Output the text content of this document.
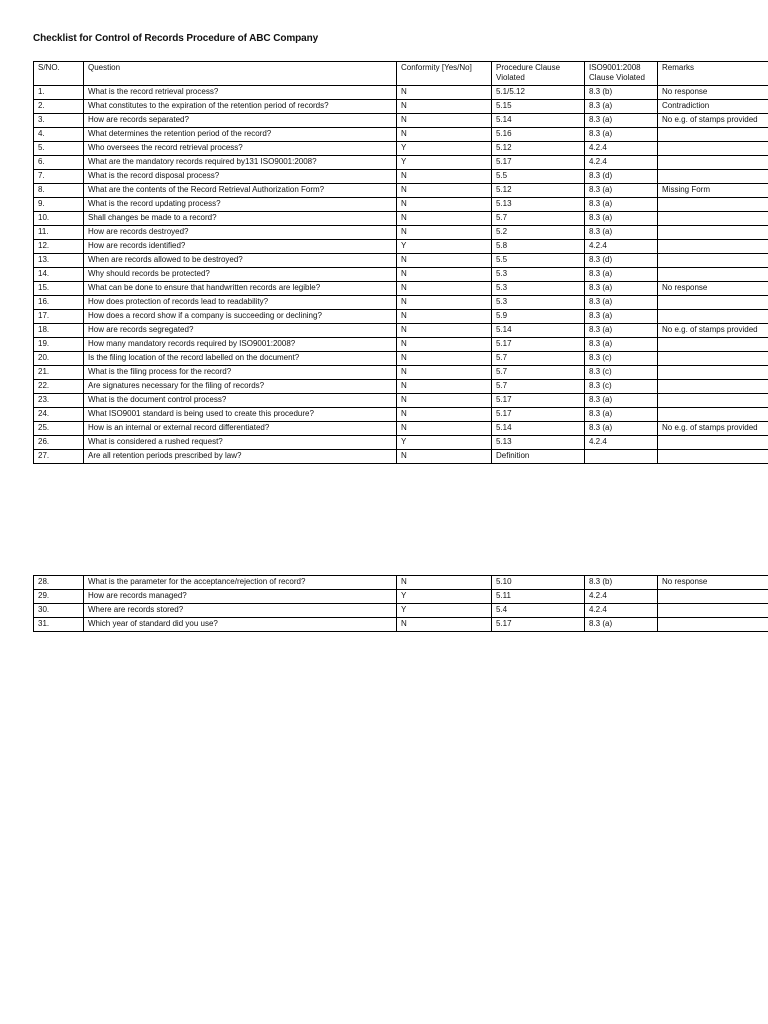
Checklist for Control of Records Procedure of ABC Company
S/NO.	Question	Conformity [Yes/No]	Procedure Clause Violated	ISO9001:2008 Clause Violated	Remarks
1.	What is the record retrieval process?	N	5.1/5.12	8.3 (b)	No response
2.	What constitutes to the expiration of the retention period of records?	N	5.15	8.3 (a)	Contradiction
3.	How are records separated?	N	5.14	8.3 (a)	No e.g. of stamps provided
4.	What determines the retention period of the record?	N	5.16	8.3 (a)	
5.	Who oversees the record retrieval process?	Y	5.12	4.2.4	
6.	What are the mandatory records required by131 ISO9001:2008?	Y	5.17	4.2.4	
7.	What is the record disposal process?	N	5.5	8.3 (d)	
8.	What are the contents of the Record Retrieval Authorization Form?	N	5.12	8.3 (a)	Missing Form
9.	What is the record updating process?	N	5.13	8.3 (a)	
10.	Shall changes be made to a record?	N	5.7	8.3 (a)	
11.	How are records destroyed?	N	5.2	8.3 (a)	
12.	How are records identified?	Y	5.8	4.2.4	
13.	When are records allowed to be destroyed?	N	5.5	8.3 (d)	
14.	Why should records be protected?	N	5.3	8.3 (a)	
15.	What can be done to ensure that handwritten records are legible?	N	5.3	8.3 (a)	No response
16.	How does protection of records lead to readability?	N	5.3	8.3 (a)	
17.	How does a record show if a company is succeeding or declining?	N	5.9	8.3 (a)	
18.	How are records segregated?	N	5.14	8.3 (a)	No e.g. of stamps provided
19.	How many mandatory records required by ISO9001:2008?	N	5.17	8.3 (a)	
20.	Is the filing location of the record labelled on the document?	N	5.7	8.3 (c)	
21.	What is the filing process for the record?	N	5.7	8.3 (c)	
22.	Are signatures necessary for the filing of records?	N	5.7	8.3 (c)	
23.	What is the document control process?	N	5.17	8.3 (a)	
24.	What ISO9001 standard is being used to create this procedure?	N	5.17	8.3 (a)	
25.	How is an internal or external record differentiated?	N	5.14	8.3 (a)	No e.g. of stamps provided
26.	What is considered a rushed request?	Y	5.13	4.2.4	
27.	Are all retention periods prescribed by law?	N	Definition		
28.	What is the parameter for the acceptance/rejection of record?	N	5.10	8.3 (b)	No response
29.	How are records managed?	Y	5.11	4.2.4	
30.	Where are records stored?	Y	5.4	4.2.4	
31.	Which year of standard did you use?	N	5.17	8.3 (a)	
